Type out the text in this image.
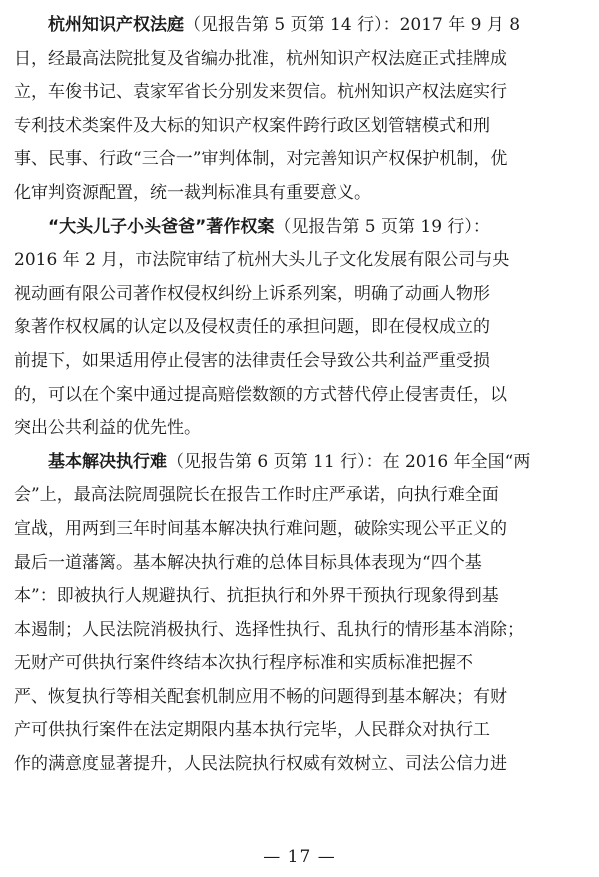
杭州知识产权法庭（见报告第 5 页第 14 行）：2017 年 9 月 8
日，经最高法院批复及省编办批准，杭州知识产权法庭正式挂牌成
立，车俊书记、袁家军省长分别发来贺信。杭州知识产权法庭实行
专利技术类案件及大标的知识产权案件跨行政区划管辖模式和刑
事、民事、行政“三合一”审判体制，对完善知识产权保护机制，优
化审判资源配置，统一裁判标准具有重要意义。
“大头儿子小头爸爸”著作权案（见报告第 5 页第 19 行）：
2016 年 2 月，市法院审结了杭州大头儿子文化发展有限公司与央
视动画有限公司著作权侵权纠纷上诉系列案，明确了动画人物形
象著作权权属的认定以及侵权责任的承担问题，即在侵权成立的
前提下，如果适用停止侵害的法律责任会导致公共利益严重受损
的，可以在个案中通过提高赔偿数额的方式替代停止侵害责任，以
突出公共利益的优先性。
基本解决执行难（见报告第 6 页第 11 行）：在 2016 年全国“两
会”上，最高法院周强院长在报告工作时庄严承诺，向执行难全面
宣战，用两到三年时间基本解决执行难问题，破除实现公平正义的
最后一道藩篱。基本解决执行难的总体目标具体表现为“四个基
本”：即被执行人规避执行、抗拒执行和外界干预执行现象得到基
本遏制；人民法院消极执行、选择性执行、乱执行的情形基本消除；
无财产可供执行案件终结本次执行程序标准和实质标准把握不
严、恢复执行等相关配套机制应用不畅的问题得到基本解决；有财
产可供执行案件在法定期限内基本执行完毕，人民群众对执行工
作的满意度显著提升，人民法院执行权威有效树立、司法公信力进
— 17 —
